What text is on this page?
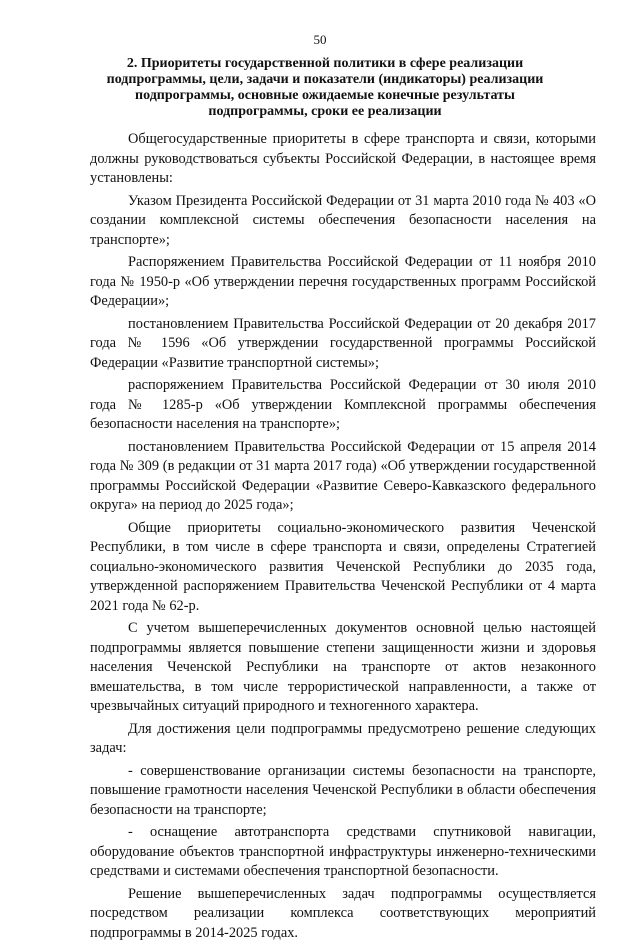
50
2. Приоритеты государственной политики в сфере реализации подпрограммы, цели, задачи и показатели (индикаторы) реализации подпрограммы, основные ожидаемые конечные результаты подпрограммы, сроки ее реализации

Общегосударственные приоритеты в сфере транспорта и связи, которыми должны руководствоваться субъекты Российской Федерации, в настоящее время установлены:

Указом Президента Российской Федерации от 31 марта 2010 года № 403 «О создании комплексной системы обеспечения безопасности населения на транспорте»;

Распоряжением Правительства Российской Федерации от 11 ноября 2010 года № 1950-р «Об утверждении перечня государственных программ Российской Федерации»;

постановлением Правительства Российской Федерации от 20 декабря 2017 года № 1596 «Об утверждении государственной программы Российской Федерации «Развитие транспортной системы»;

распоряжением Правительства Российской Федерации от 30 июля 2010 года № 1285-р «Об утверждении Комплексной программы обеспечения безопасности населения на транспорте»;

постановлением Правительства Российской Федерации от 15 апреля 2014 года № 309 (в редакции от 31 марта 2017 года) «Об утверждении государственной программы Российской Федерации «Развитие Северо-Кавказского федерального округа» на период до 2025 года»;

Общие приоритеты социально-экономического развития Чеченской Республики, в том числе в сфере транспорта и связи, определены Стратегией социально-экономического развития Чеченской Республики до 2035 года, утвержденной распоряжением Правительства Чеченской Республики от 4 марта 2021 года № 62-р.

С учетом вышеперечисленных документов основной целью настоящей подпрограммы является повышение степени защищенности жизни и здоровья населения Чеченской Республики на транспорте от актов незаконного вмешательства, в том числе террористической направленности, а также от чрезвычайных ситуаций природного и техногенного характера.

Для достижения цели подпрограммы предусмотрено решение следующих задач:

- совершенствование организации системы безопасности на транспорте, повышение грамотности населения Чеченской Республики в области обеспечения безопасности на транспорте;

- оснащение автотранспорта средствами спутниковой навигации, оборудование объектов транспортной инфраструктуры инженерно-техническими средствами и системами обеспечения транспортной безопасности.

Решение вышеперечисленных задач подпрограммы осуществляется посредством реализации комплекса соответствующих мероприятий подпрограммы в 2014-2025 годах.
